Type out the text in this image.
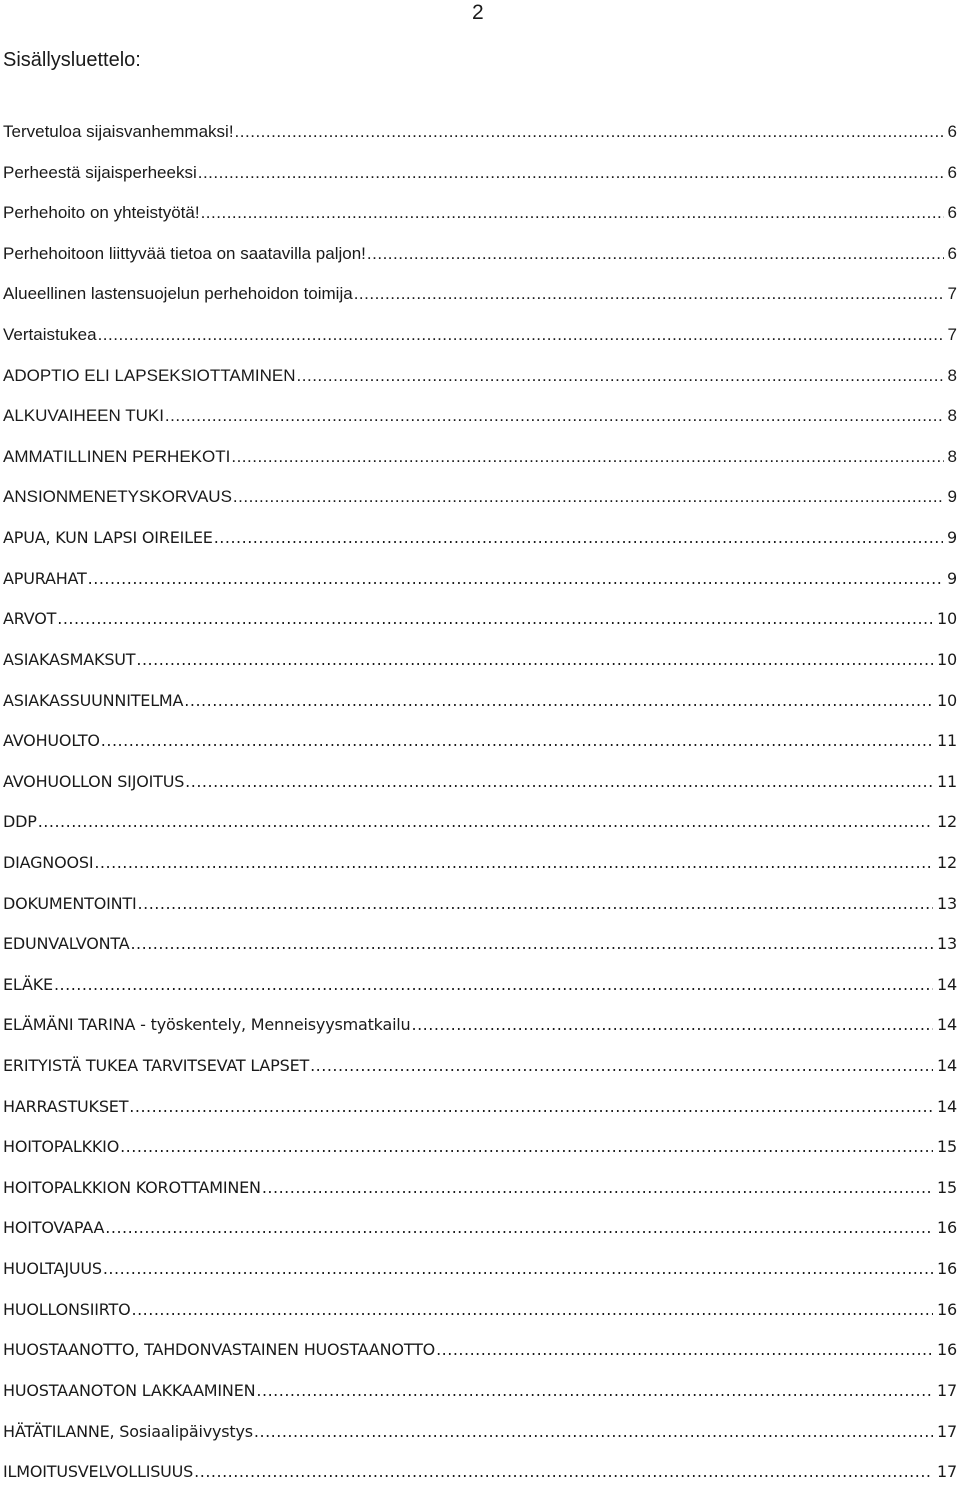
2
Sisällysluettelo:
Tervetuloa sijaisvanhemmaksi! .....	6
Perheestä sijaisperheeksi .....	6
Perhehoito on yhteistyötä! .....	6
Perhehoitoon liittyvää tietoa on saatavilla paljon! .....	6
Alueellinen lastensuojelun perhehoidon toimija .....	7
Vertaistukea .....	7
ADOPTIO ELI LAPSEKSIOTTAMINEN .....	8
ALKUVAIHEEN TUKI .....	8
AMMATILLINEN PERHEKOTI .....	8
ANSIONMENETYSKORVAUS .....	9
APUA, KUN LAPSI OIREILEE .....	9
APURAHAT .....	9
ARVOT .....	10
ASIAKASMAKSUT .....	10
ASIAKASSUUNNITELMA .....	10
AVOHUOLTO .....	11
AVOHUOLLON SIJOITUS .....	11
DDP .....	12
DIAGNOOSI .....	12
DOKUMENTOINTI .....	13
EDUNVALVONTA .....	13
ELÄKE .....	14
ELÄMÄNI TARINA - työskentely, Menneisyysmatkailu .....	14
ERITYISTÄ TUKEA TARVITSEVAT LAPSET .....	14
HARRASTUKSET .....	14
HOITOPALKKIO .....	15
HOITOPALKKION KOROTTAMINEN .....	15
HOITOVAPAA .....	16
HUOLTAJUUS .....	16
HUOLLONSIIRTO .....	16
HUOSTAANOTTO, TAHDONVASTAINEN HUOSTAANOTTO .....	16
HUOSTAANOTON LAKKAAMINEN .....	17
HÄTÄTILANNE, Sosiaalipäivystys .....	17
ILMOITUSVELVOLLISUUS .....	17
